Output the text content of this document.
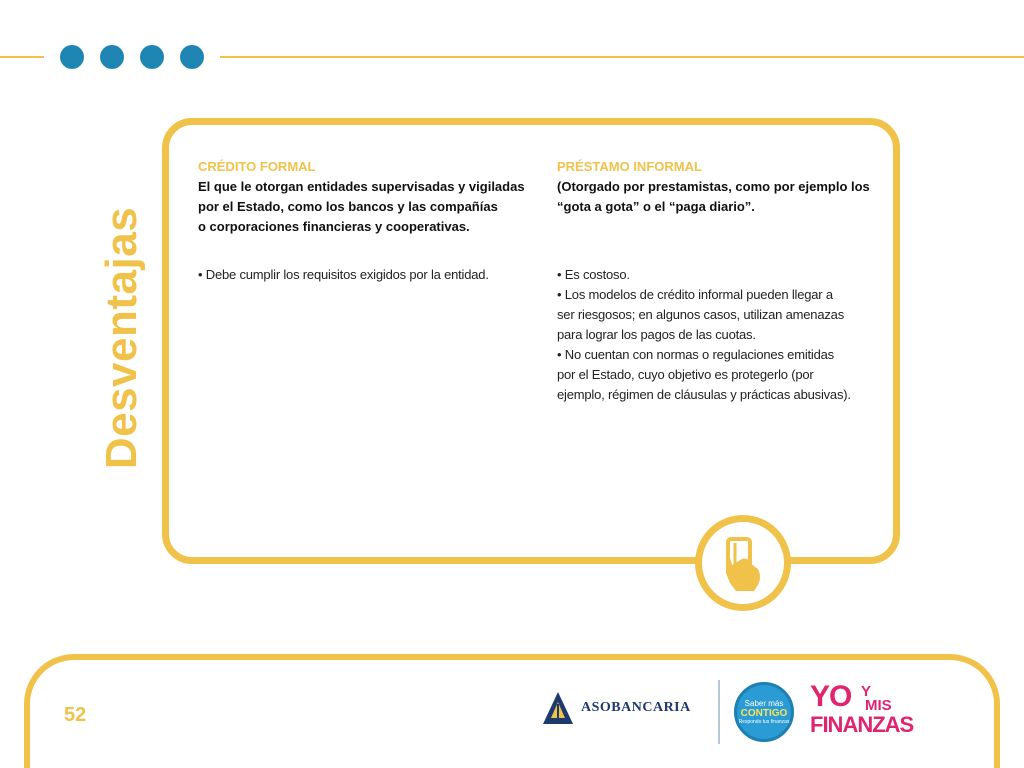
Desventajas
CRÉDITO FORMAL
El que le otorgan entidades supervisadas y vigiladas
por el Estado, como los bancos y las compañías
o corporaciones financieras y cooperativas.
• Debe cumplir los requisitos exigidos por la entidad.
PRÉSTAMO INFORMAL
(Otorgado por prestamistas, como por ejemplo los
“gota a gota” o el “paga diario”.
• Es costoso.
• Los modelos de crédito informal pueden llegar a
ser riesgosos; en algunos casos, utilizan amenazas
para lograr los pagos de las cuotas.
• No cuentan con normas o regulaciones emitidas
por el Estado, cuyo objetivo es protegerlo (por
ejemplo, régimen de cláusulas y prácticas abusivas).
52	ASOBANCARIA	Saber más
CONTIGO
Respondo tus finanzas
YO Y
MIS
FINANZAS
